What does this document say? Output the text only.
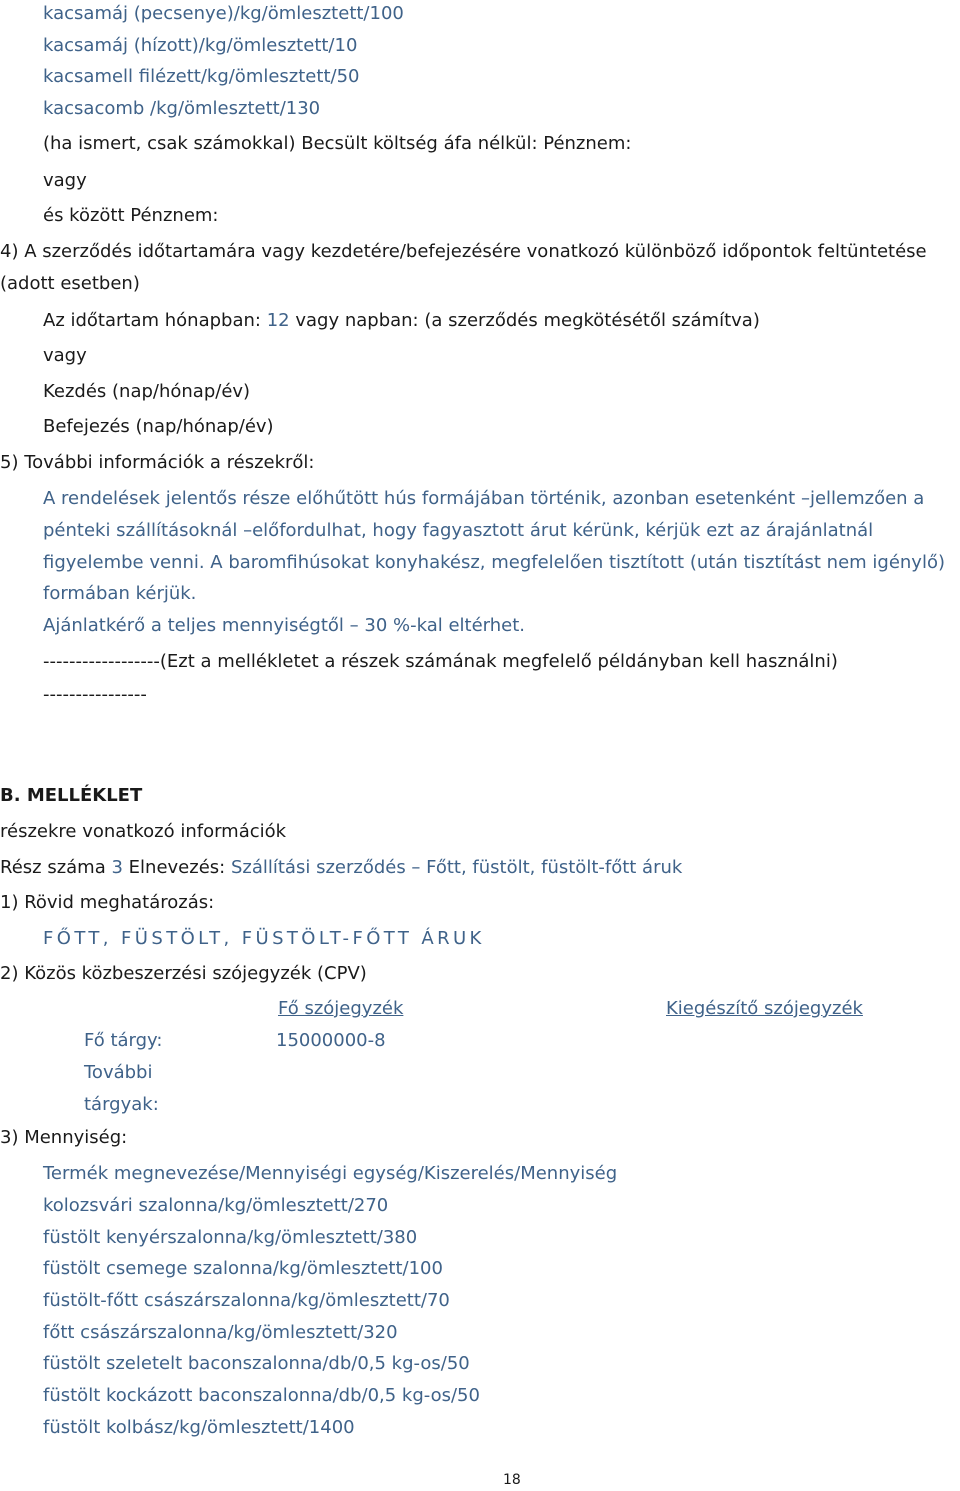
kacsamáj (pecsenye)/kg/ömlesztett/100
kacsamáj (hízott)/kg/ömlesztett/10
kacsamell filézett/kg/ömlesztett/50
kacsacomb /kg/ömlesztett/130
(ha ismert, csak számokkal) Becsült költség áfa nélkül: Pénznem:
vagy
és között Pénznem:
4) A szerződés időtartamára vagy kezdetére/befejezésére vonatkozó különböző időpontok feltüntetése
(adott esetben)
Az időtartam hónapban: 12 vagy napban: (a szerződés megkötésétől számítva)
vagy
Kezdés (nap/hónap/év)
Befejezés (nap/hónap/év)
5) További információk a részekről:
A rendelések jelentős része előhűtött hús formájában történik, azonban esetenként –jellemzően a
pénteki szállításoknál –előfordulhat, hogy fagyasztott árut kérünk, kérjük ezt az árajánlatnál
figyelembe venni. A baromfihúsokat konyhakész, megfelelően tisztított (után tisztítást nem igénylő)
formában kérjük.
Ajánlatkérő a teljes mennyiségtől – 30 %-kal eltérhet.
------------------(Ezt a mellékletet a részek számának megfelelő példányban kell használni)
----------------
B. MELLÉKLET
részekre vonatkozó információk
Rész száma 3 Elnevezés: Szállítási szerződés – Főtt, füstölt, füstölt-főtt áruk
1) Rövid meghatározás:
FŐTT, FÜSTÖLT, FÜSTÖLT-FŐTT ÁRUK
2) Közös közbeszerzési szójegyzék (CPV)
Fő szójegyzék	Kiegészítő szójegyzék
Fő tárgy:	15000000-8
További
tárgyak:
3) Mennyiség:
Termék megnevezése/Mennyiségi egység/Kiszerelés/Mennyiség
kolozsvári szalonna/kg/ömlesztett/270
füstölt kenyérszalonna/kg/ömlesztett/380
füstölt csemege szalonna/kg/ömlesztett/100
füstölt-főtt császárszalonna/kg/ömlesztett/70
főtt császárszalonna/kg/ömlesztett/320
füstölt szeletelt baconszalonna/db/0,5 kg-os/50
füstölt kockázott baconszalonna/db/0,5 kg-os/50
füstölt kolbász/kg/ömlesztett/1400
18
